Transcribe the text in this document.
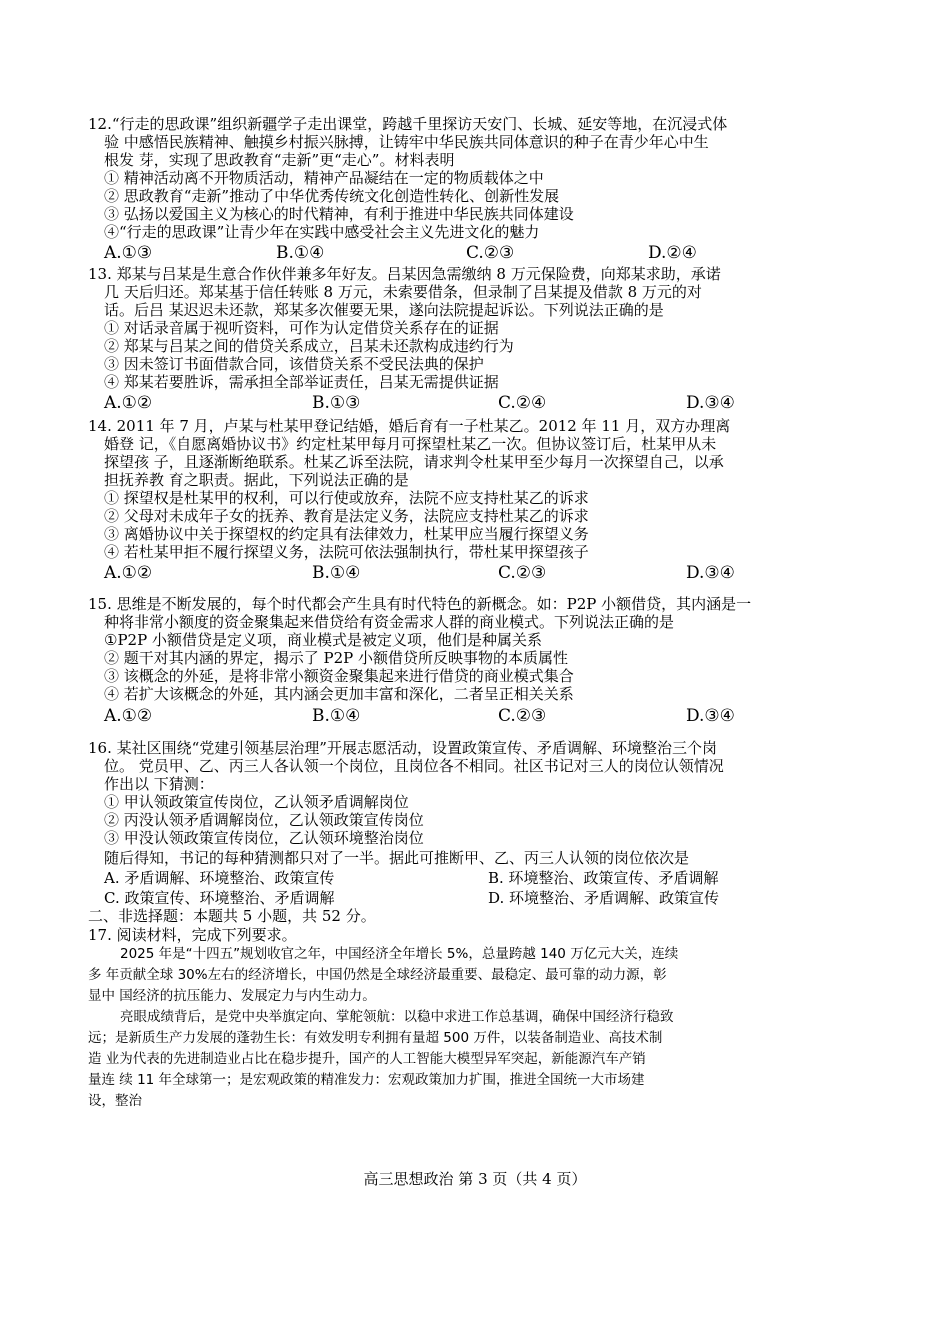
12.“行走的思政课”组织新疆学子走出课堂，跨越千里探访天安门、长城、延安等地，在沉浸式体
验 中感悟民族精神、触摸乡村振兴脉搏，让铸牢中华民族共同体意识的种子在青少年心中生
根发 芽，实现了思政教育“走新”更“走心”。材料表明
① 精神活动离不开物质活动，精神产品凝结在一定的物质载体之中
② 思政教育“走新”推动了中华优秀传统文化创造性转化、创新性发展
③ 弘扬以爱国主义为核心的时代精神，有利于推进中华民族共同体建设
④“行走的思政课”让青少年在实践中感受社会主义先进文化的魅力
A.①③	B.①④	C.②③	D.②④
13. 郑某与吕某是生意合作伙伴兼多年好友。吕某因急需缴纳 8 万元保险费，向郑某求助，承诺
几 天后归还。郑某基于信任转账 8 万元，未索要借条，但录制了吕某提及借款 8 万元的对
话。后吕 某迟迟未还款，郑某多次催要无果，遂向法院提起诉讼。下列说法正确的是
① 对话录音属于视听资料，可作为认定借贷关系存在的证据
② 郑某与吕某之间的借贷关系成立，吕某未还款构成违约行为
③ 因未签订书面借款合同，该借贷关系不受民法典的保护
④ 郑某若要胜诉，需承担全部举证责任，吕某无需提供证据
A.①②	B.①③	C.②④	D.③④
14. 2011 年 7 月，卢某与杜某甲登记结婚，婚后育有一子杜某乙。2012 年 11 月，双方办理离
婚登 记，《自愿离婚协议书》约定杜某甲每月可探望杜某乙一次。但协议签订后，杜某甲从未
探望孩 子，且逐渐断绝联系。杜某乙诉至法院，请求判令杜某甲至少每月一次探望自己，以承
担抚养教 育之职责。据此，下列说法正确的是
① 探望权是杜某甲的权利，可以行使或放弃，法院不应支持杜某乙的诉求
② 父母对未成年子女的抚养、教育是法定义务，法院应支持杜某乙的诉求
③ 离婚协议中关于探望权的约定具有法律效力，杜某甲应当履行探望义务
④ 若杜某甲拒不履行探望义务，法院可依法强制执行，带杜某甲探望孩子
A.①②	B.①④	C.②③	D.③④
15. 思维是不断发展的，每个时代都会产生具有时代特色的新概念。如：P2P 小额借贷，其内涵是一
种将非常小额度的资金聚集起来借贷给有资金需求人群的商业模式。下列说法正确的是
①P2P 小额借贷是定义项，商业模式是被定义项，他们是种属关系
② 题干对其内涵的界定，揭示了 P2P 小额借贷所反映事物的本质属性
③ 该概念的外延，是将非常小额资金聚集起来进行借贷的商业模式集合
④ 若扩大该概念的外延，其内涵会更加丰富和深化，二者呈正相关关系
A.①②	B.①④	C.②③	D.③④
16. 某社区围绕“党建引领基层治理”开展志愿活动，设置政策宣传、矛盾调解、环境整治三个岗
位。 党员甲、乙、丙三人各认领一个岗位，且岗位各不相同。社区书记对三人的岗位认领情况
作出以 下猜测：
① 甲认领政策宣传岗位，乙认领矛盾调解岗位
② 丙没认领矛盾调解岗位，乙认领政策宣传岗位
③ 甲没认领政策宣传岗位，乙认领环境整治岗位
随后得知，书记的每种猜测都只对了一半。据此可推断甲、乙、丙三人认领的岗位依次是
A. 矛盾调解、环境整治、政策宣传	B. 环境整治、政策宣传、矛盾调解
C. 政策宣传、环境整治、矛盾调解	D. 环境整治、矛盾调解、政策宣传
二、非选择题：本题共 5 小题，共 52 分。
17. 阅读材料，完成下列要求。
2025 年是“十四五”规划收官之年，中国经济全年增长 5%，总量跨越 140 万亿元大关，连续
多 年贡献全球 30%左右的经济增长，中国仍然是全球经济最重要、最稳定、最可靠的动力源，彰
显中 国经济的抗压能力、发展定力与内生动力。
亮眼成绩背后，是党中央举旗定向、掌舵领航：以稳中求进工作总基调，确保中国经济行稳致
远；是新质生产力发展的蓬勃生长：有效发明专利拥有量超 500 万件，以装备制造业、高技术制
造 业为代表的先进制造业占比在稳步提升，国产的人工智能大模型异军突起，新能源汽车产销
量连 续 11 年全球第一；是宏观政策的精准发力：宏观政策加力扩围，推进全国统一大市场建
设，整治
高三思想政治 第 3 页（共 4 页）
